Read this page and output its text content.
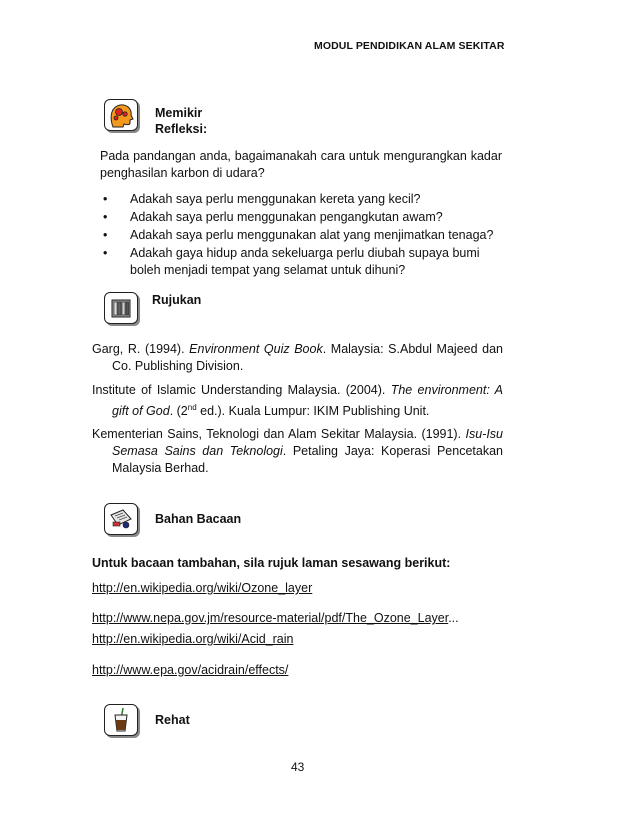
MODUL PENDIDIKAN ALAM SEKITAR
Memikir
Refleksi:
Pada pandangan anda, bagaimanakah cara untuk mengurangkan kadar penghasilan karbon di udara?
• Adakah saya perlu menggunakan kereta yang kecil?
• Adakah saya perlu menggunakan pengangkutan awam?
• Adakah saya perlu menggunakan alat yang menjimatkan tenaga?
• Adakah gaya hidup anda sekeluarga perlu diubah supaya bumi boleh menjadi tempat yang selamat untuk dihuni?
Rujukan
Garg, R. (1994). Environment Quiz Book. Malaysia: S.Abdul Majeed dan Co. Publishing Division.
Institute of Islamic Understanding Malaysia. (2004). The environment: A gift of God. (2nd ed.). Kuala Lumpur: IKIM Publishing Unit.
Kementerian Sains, Teknologi dan Alam Sekitar Malaysia. (1991). Isu-Isu Semasa Sains dan Teknologi. Petaling Jaya: Koperasi Pencetakan Malaysia Berhad.
Bahan Bacaan
Untuk bacaan tambahan, sila rujuk laman sesawang berikut:
http://en.wikipedia.org/wiki/Ozone_layer
http://www.nepa.gov.jm/resource-material/pdf/The_Ozone_Layer...
http://en.wikipedia.org/wiki/Acid_rain
http://www.epa.gov/acidrain/effects/
Rehat
43
